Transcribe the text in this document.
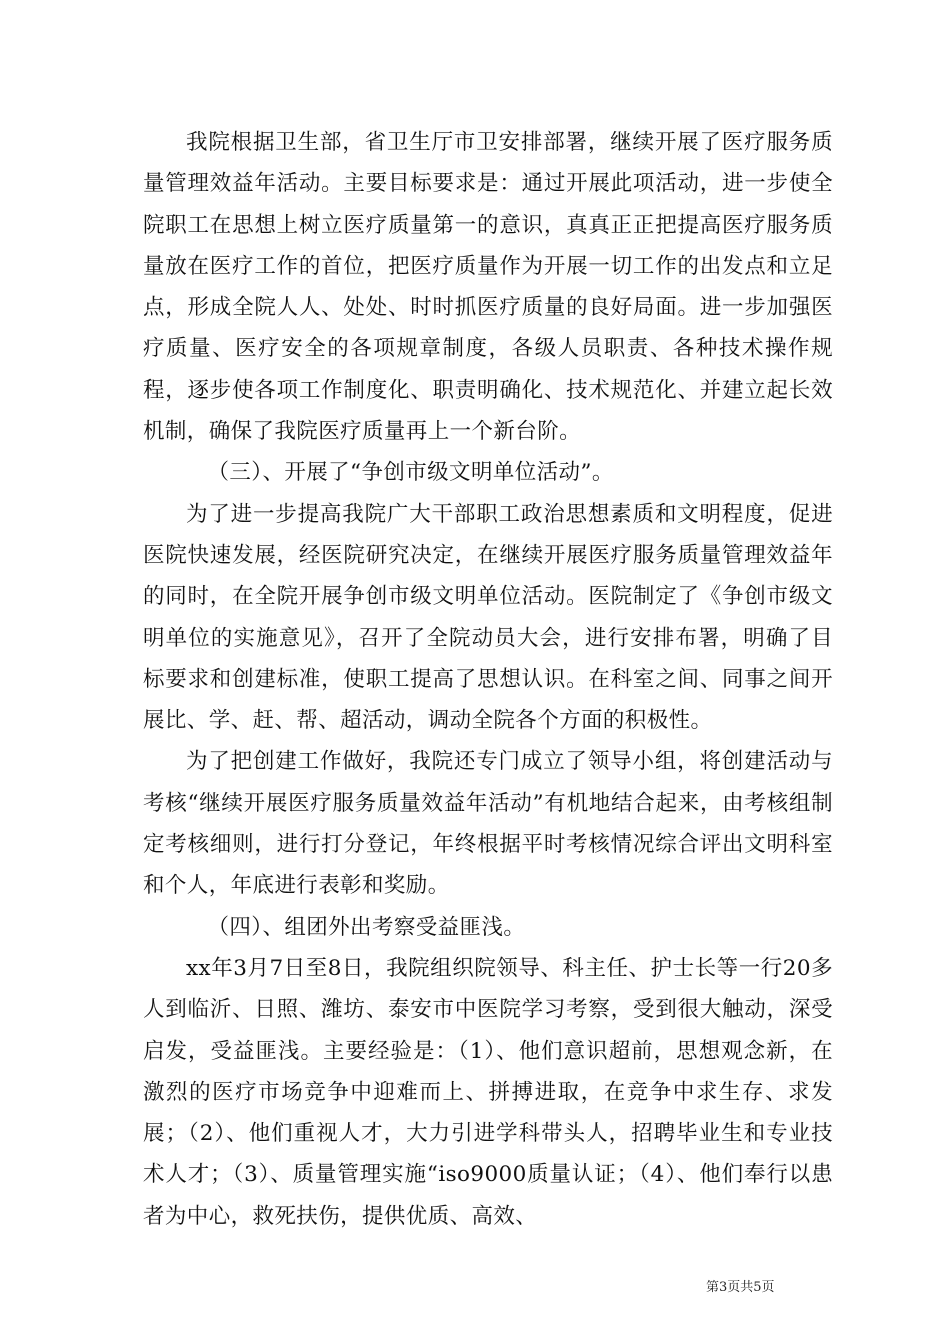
我院根据卫生部，省卫生厅市卫安排部署，继续开展了医疗服务质量管理效益年活动。主要目标要求是：通过开展此项活动，进一步使全院职工在思想上树立医疗质量第一的意识，真真正正把提高医疗服务质量放在医疗工作的首位，把医疗质量作为开展一切工作的出发点和立足点，形成全院人人、处处、时时抓医疗质量的良好局面。进一步加强医疗质量、医疗安全的各项规章制度，各级人员职责、各种技术操作规程，逐步使各项工作制度化、职责明确化、技术规范化、并建立起长效机制，确保了我院医疗质量再上一个新台阶。

（三）、开展了“争创市级文明单位活动”。

为了进一步提高我院广大干部职工政治思想素质和文明程度，促进医院快速发展，经医院研究决定，在继续开展医疗服务质量管理效益年的同时，在全院开展争创市级文明单位活动。医院制定了《争创市级文明单位的实施意见》，召开了全院动员大会，进行安排布署，明确了目标要求和创建标准，使职工提高了思想认识。在科室之间、同事之间开展比、学、赶、帮、超活动，调动全院各个方面的积极性。

为了把创建工作做好，我院还专门成立了领导小组，将创建活动与考核“继续开展医疗服务质量效益年活动”有机地结合起来，由考核组制定考核细则，进行打分登记，年终根据平时考核情况综合评出文明科室和个人，年底进行表彰和奖励。

（四）、组团外出考察受益匪浅。

xx年3月7日至8日，我院组织院领导、科主任、护士长等一行20多人到临沂、日照、潍坊、泰安市中医院学习考察，受到很大触动，深受启发，受益匪浅。主要经验是：（1）、他们意识超前，思想观念新，在激烈的医疗市场竞争中迎难而上、拼搏进取，在竞争中求生存、求发展；（2）、他们重视人才，大力引进学科带头人，招聘毕业生和专业技术人才；（3）、质量管理实施“iso9000质量认证；（4）、他们奉行以患者为中心，救死扶伤，提供优质、高效、

第3页共5页
